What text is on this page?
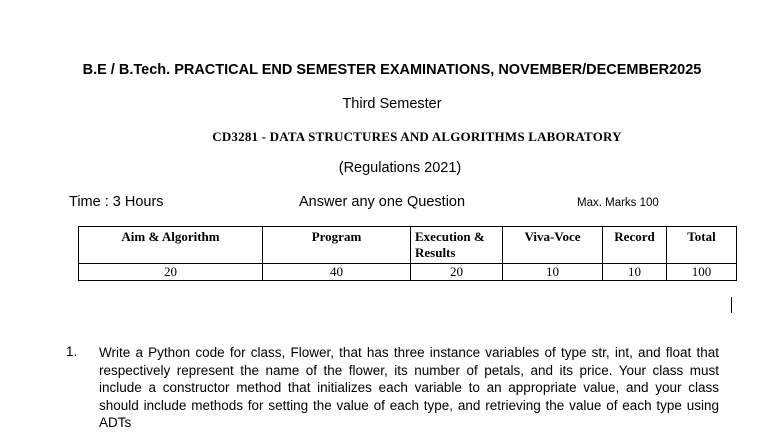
B.E / B.Tech. PRACTICAL END SEMESTER EXAMINATIONS, NOVEMBER/DECEMBER2025
Third Semester
CD3281 - DATA STRUCTURES AND ALGORITHMS LABORATORY
(Regulations 2021)
Time : 3 Hours	Answer any one Question	Max. Marks 100
Aim & Algorithm	Program	Execution & Results	Viva-Voce	Record	Total
20	40	20	10	10	100
1. Write a Python code for class, Flower, that has three instance variables of type str, int, and float that respectively represent the name of the flower, its number of petals, and its price. Your class must include a constructor method that initializes each variable to an appropriate value, and your class should include methods for setting the value of each type, and retrieving the value of each type using ADTs
